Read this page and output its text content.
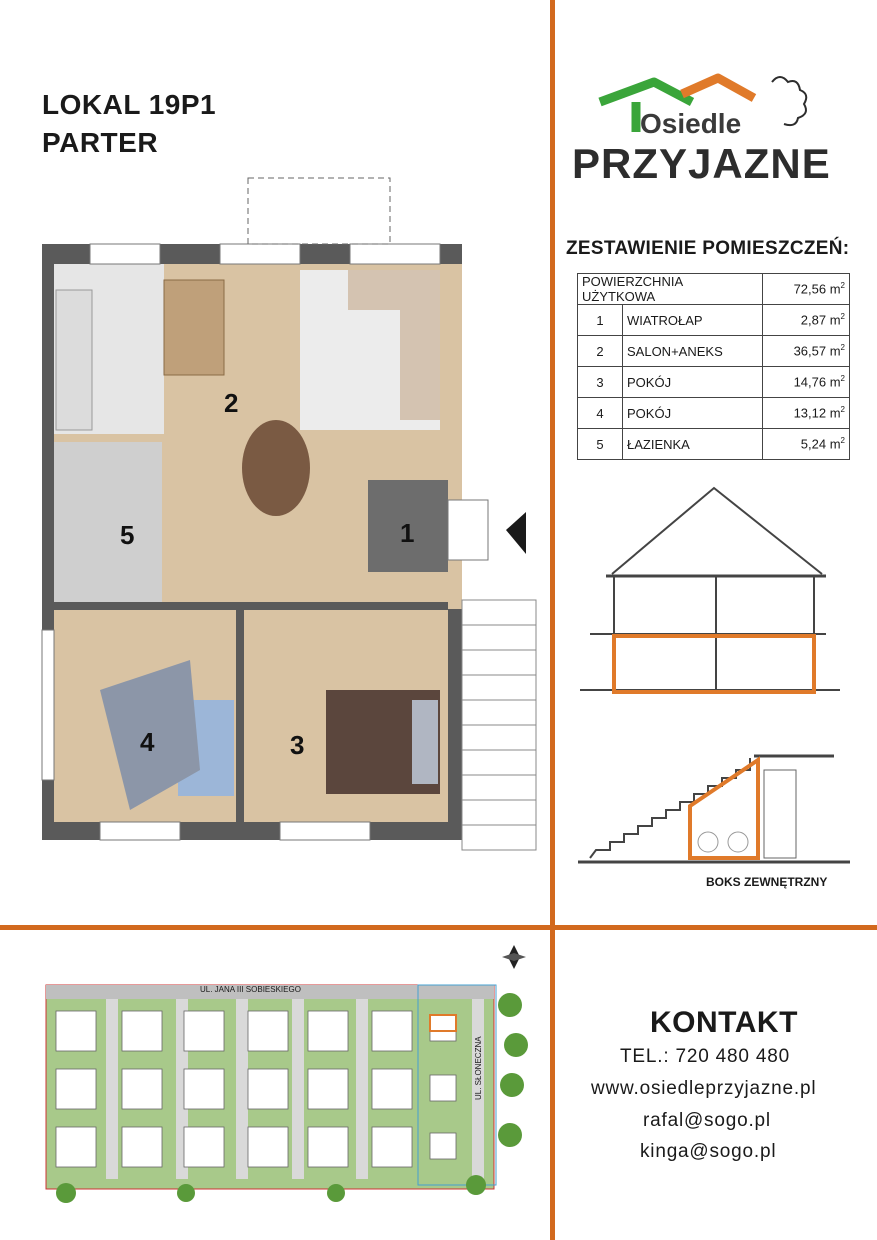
LOKAL 19P1
PARTER
1
2
3
4
5
Osiedle
PRZYJAZNE
ZESTAWIENIE POMIESZCZEŃ:
POWIERZCHNIA UŻYTKOWA		72,56 $m^2$
1	WIATROŁAP	2,87 $m^2$
2	SALON+ANEKS	36,57 $m^2$
3	POKÓJ	14,76 $m^2$
4	POKÓJ	13,12 $m^2$
5	ŁAZIENKA	5,24 $m^2$
BOKS ZEWNĘTRZNY
UL. JANA III SOBIESKIEGO
UL. SŁONECZNA
KONTAKT
TEL.: 720 480 480
www.osiedleprzyjazne.pl
rafal@sogo.pl
kinga@sogo.pl
